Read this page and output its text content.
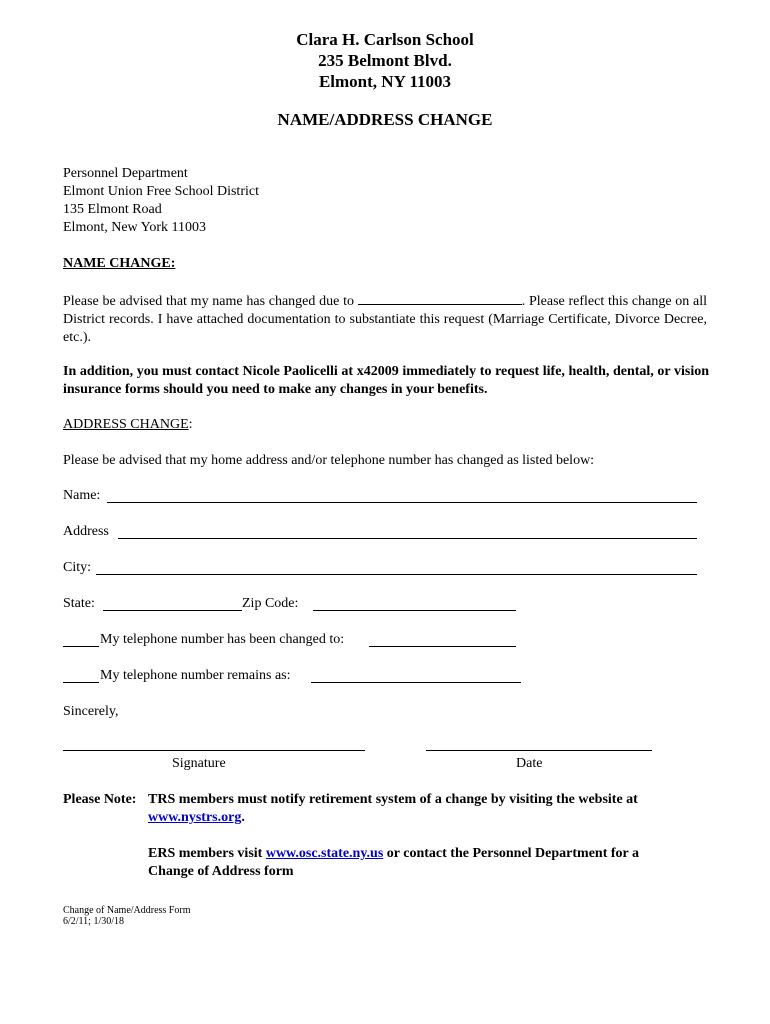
Clara H. Carlson School
235 Belmont Blvd.
Elmont, NY 11003
NAME/ADDRESS CHANGE
Personnel Department
Elmont Union Free School District
135 Elmont Road
Elmont, New York 11003
NAME CHANGE:
Please be advised that my name has changed due to	. Please reflect this change on all District records. I have attached documentation to substantiate this request (Marriage Certificate, Divorce Decree, etc.).
In addition, you must contact Nicole Paolicelli at x42009 immediately to request life, health, dental, or vision insurance forms should you need to make any changes in your benefits.
ADDRESS CHANGE:
Please be advised that my home address and/or telephone number has changed as listed below:
Name:
Address
City:
State:	Zip Code:
My telephone number has been changed to:
My telephone number remains as:
Sincerely,
Signature	Date
Please Note: TRS members must notify retirement system of a change by visiting the website at
www.nystrs.org.
ERS members visit www.osc.state.ny.us or contact the Personnel Department for a
Change of Address form
Change of Name/Address Form
6/2/11; 1/30/18
